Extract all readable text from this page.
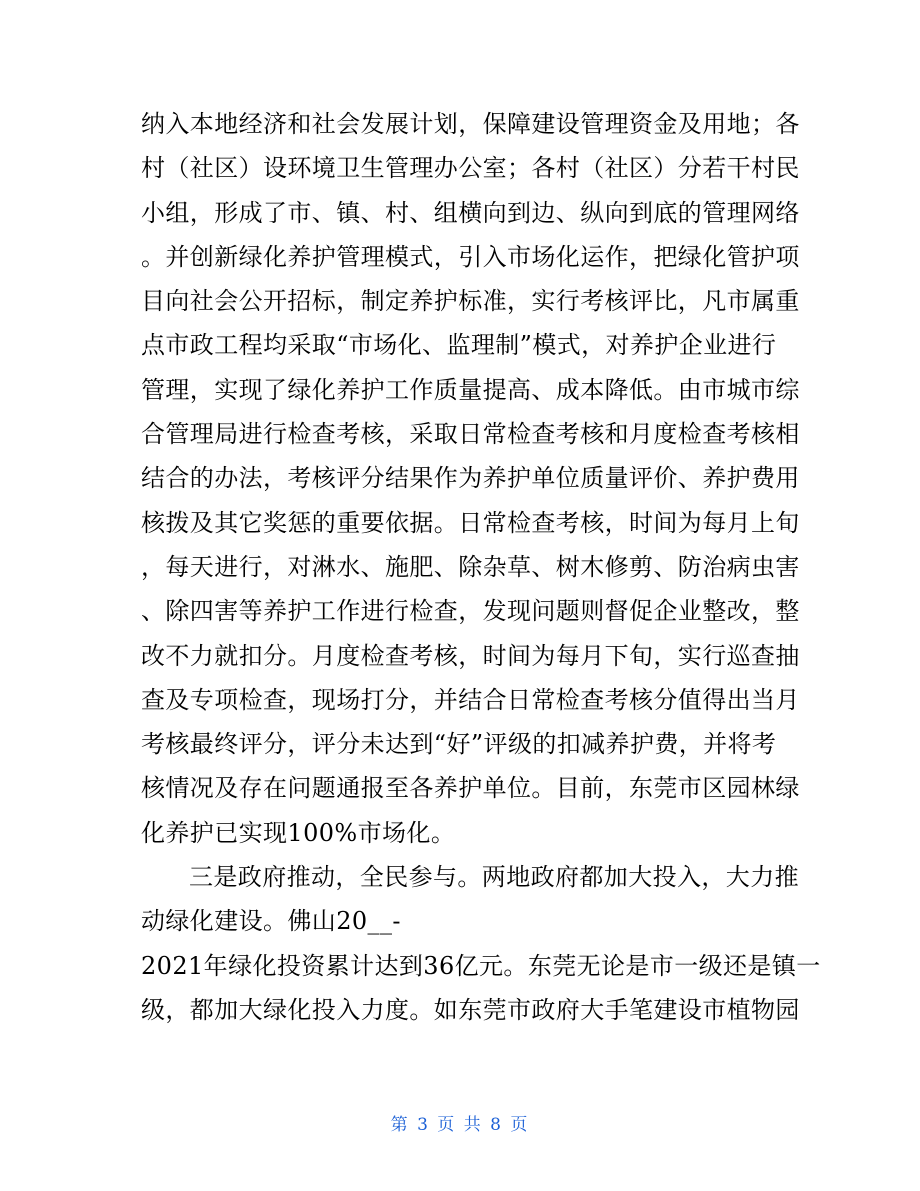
纳入本地经济和社会发展计划，保障建设管理资金及用地；各
村（社区）设环境卫生管理办公室；各村（社区）分若干村民
小组，形成了市、镇、村、组横向到边、纵向到底的管理网络
。并创新绿化养护管理模式，引入市场化运作，把绿化管护项
目向社会公开招标，制定养护标准，实行考核评比，凡市属重
点市政工程均采取“市场化、监理制”模式，对养护企业进行
管理，实现了绿化养护工作质量提高、成本降低。由市城市综
合管理局进行检查考核，采取日常检查考核和月度检查考核相
结合的办法，考核评分结果作为养护单位质量评价、养护费用
核拨及其它奖惩的重要依据。日常检查考核，时间为每月上旬
，每天进行，对淋水、施肥、除杂草、树木修剪、防治病虫害
、除四害等养护工作进行检查，发现问题则督促企业整改，整
改不力就扣分。月度检查考核，时间为每月下旬，实行巡查抽
查及专项检查，现场打分，并结合日常检查考核分值得出当月
考核最终评分，评分未达到“好”评级的扣减养护费，并将考
核情况及存在问题通报至各养护单位。目前，东莞市区园林绿
化养护已实现100%市场化。
三是政府推动，全民参与。两地政府都加大投入，大力推
动绿化建设。佛山20__-
2021年绿化投资累计达到36亿元。东莞无论是市一级还是镇一
级，都加大绿化投入力度。如东莞市政府大手笔建设市植物园
第 3 页 共 8 页
